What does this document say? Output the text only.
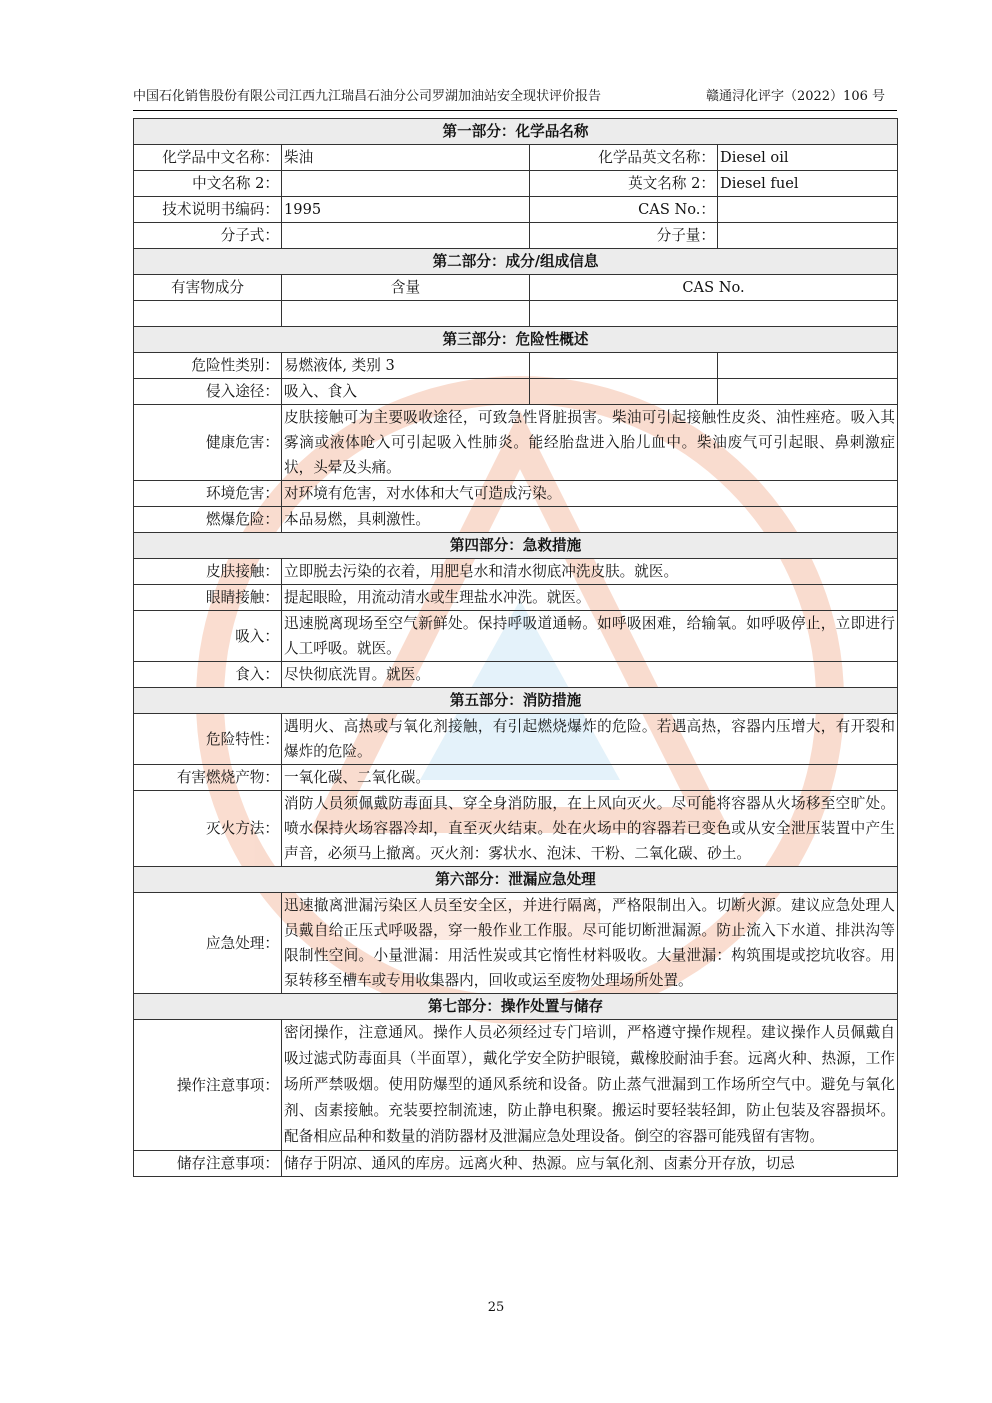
中国石化销售股份有限公司江西九江瑞昌石油分公司罗湖加油站安全现状评价报告	赣通浔化评字（2022）106 号
第一部分：化学品名称			
化学品中文名称：	柴油	化学品英文名称：	Diesel oil
中文名称 2：		英文名称 2：	Diesel fuel
技术说明书编码：	1995	CAS No.：	
分子式：		分子量：	
第二部分：成分/组成信息			
有害物成分	含量	CAS No.	

第三部分：危险性概述			
危险性类别：	易燃液体, 类别 3		
侵入途径：	吸入、食入		
健康危害：	皮肤接触可为主要吸收途径，可致急性肾脏损害。柴油可引起接触性皮炎、油性痤疮。吸入其雾滴或液体呛入可引起吸入性肺炎。能经胎盘进入胎儿血中。柴油废气可引起眼、鼻刺激症状，头晕及头痛。		
环境危害：	对环境有危害，对水体和大气可造成污染。		
燃爆危险：	本品易燃，具刺激性。		
第四部分：急救措施			
皮肤接触：	立即脱去污染的衣着，用肥皂水和清水彻底冲洗皮肤。就医。		
眼睛接触：	提起眼睑，用流动清水或生理盐水冲洗。就医。		
吸入：	迅速脱离现场至空气新鲜处。保持呼吸道通畅。如呼吸困难，给输氧。如呼吸停止，立即进行人工呼吸。就医。		
食入：	尽快彻底洗胃。就医。		
第五部分：消防措施			
危险特性：	遇明火、高热或与氧化剂接触，有引起燃烧爆炸的危险。若遇高热，容器内压增大，有开裂和爆炸的危险。		
有害燃烧产物：	一氧化碳、二氧化碳。		
灭火方法：	消防人员须佩戴防毒面具、穿全身消防服，在上风向灭火。尽可能将容器从火场移至空旷处。喷水保持火场容器冷却，直至灭火结束。处在火场中的容器若已变色或从安全泄压装置中产生声音，必须马上撤离。灭火剂：雾状水、泡沫、干粉、二氧化碳、砂土。		
第六部分：泄漏应急处理			
应急处理：	迅速撤离泄漏污染区人员至安全区，并进行隔离，严格限制出入。切断火源。建议应急处理人员戴自给正压式呼吸器，穿一般作业工作服。尽可能切断泄漏源。防止流入下水道、排洪沟等限制性空间。小量泄漏：用活性炭或其它惰性材料吸收。大量泄漏：构筑围堤或挖坑收容。用泵转移至槽车或专用收集器内，回收或运至废物处理场所处置。		
第七部分：操作处置与储存			
操作注意事项：	密闭操作，注意通风。操作人员必须经过专门培训，严格遵守操作规程。建议操作人员佩戴自吸过滤式防毒面具（半面罩），戴化学安全防护眼镜，戴橡胶耐油手套。远离火种、热源，工作场所严禁吸烟。使用防爆型的通风系统和设备。防止蒸气泄漏到工作场所空气中。避免与氧化剂、卤素接触。充装要控制流速，防止静电积聚。搬运时要轻装轻卸，防止包装及容器损坏。配备相应品种和数量的消防器材及泄漏应急处理设备。倒空的容器可能残留有害物。		
储存注意事项：	储存于阴凉、通风的库房。远离火种、热源。应与氧化剂、卤素分开存放，切忌		
25
